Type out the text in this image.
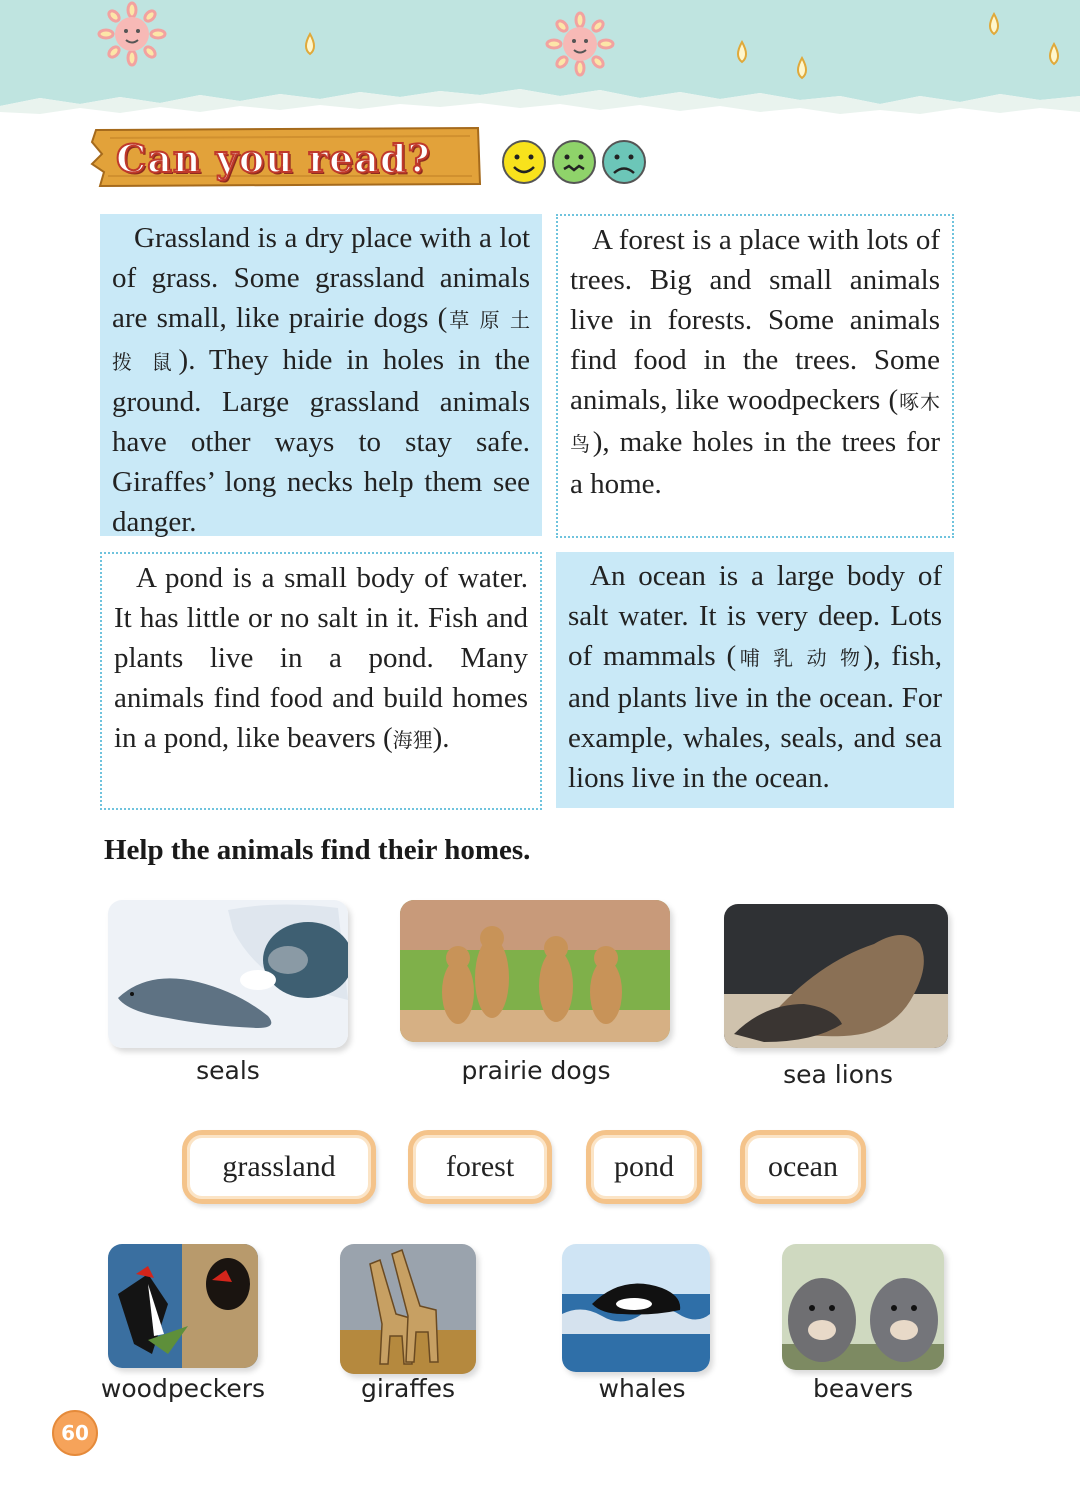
Can you read?

Grassland is a dry place with a lot of grass. Some grassland animals are small, like prairie dogs (草 原 土 拨 鼠). They hide in holes in the ground. Large grassland animals have other ways to stay safe. Giraffes’ long necks help them see danger.

A forest is a place with lots of trees. Big and small animals live in forests. Some animals find food in the trees. Some animals, like woodpeckers (啄木鸟), make holes in the trees for a home.

A pond is a small body of water. It has little or no salt in it. Fish and plants live in a pond. Many animals find food and build homes in a pond, like beavers (海狸).

An ocean is a large body of salt water. It is very deep. Lots of mammals (哺 乳 动 物), fish, and plants live in the ocean. For example, whales, seals, and sea lions live in the ocean.

Help the animals find their homes.
seals	prairie dogs	sea lions
grassland	forest	pond	ocean
woodpeckers	giraffes	whales	beavers
60
